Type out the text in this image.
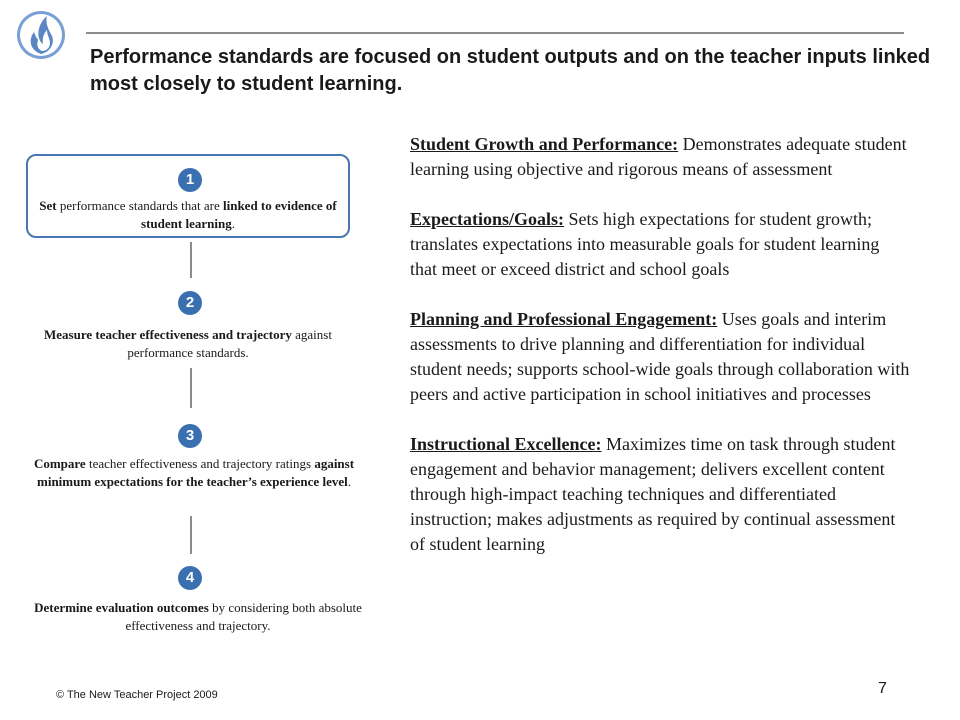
Performance standards are focused on student outputs and on the teacher inputs linked most closely to student learning.
1
Set performance standards that are linked to evidence of student learning.
2
Measure teacher effectiveness and trajectory against performance standards.
3
Compare teacher effectiveness and trajectory ratings against minimum expectations for the teacher’s experience level.
4
Determine evaluation outcomes by considering both absolute effectiveness and trajectory.

Student Growth and Performance: Demonstrates adequate student learning using objective and rigorous means of assessment

Expectations/Goals: Sets high expectations for student growth; translates expectations into measurable goals for student learning that meet or exceed district and school goals

Planning and Professional Engagement: Uses goals and interim assessments to drive planning and differentiation for individual student needs; supports school-wide goals through collaboration with peers and active participation in school initiatives and processes

Instructional Excellence: Maximizes time on task through student engagement and behavior management; delivers excellent content through high-impact teaching techniques and differentiated instruction; makes adjustments as required by continual assessment of student learning

© The New Teacher Project 2009	7
